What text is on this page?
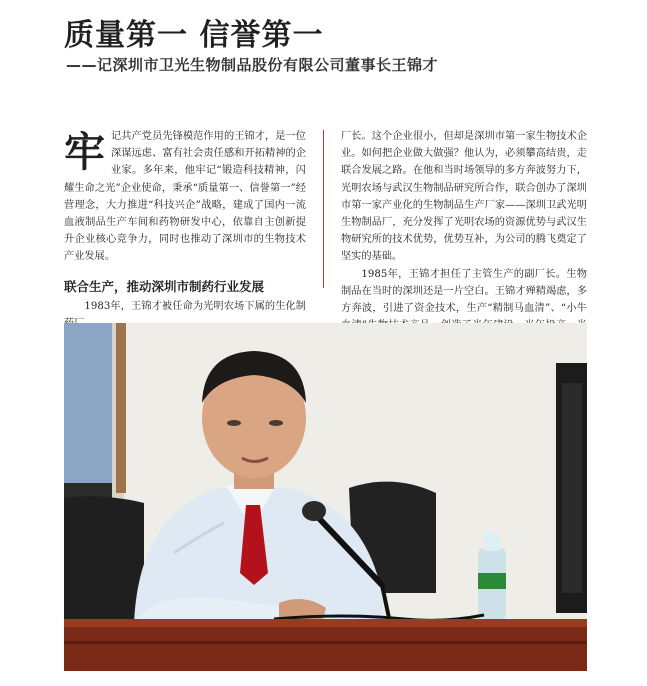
质量第一 信誉第一
——记深圳市卫光生物制品股份有限公司董事长王锦才
牢 记共产党员先锋模范作用的王锦才，是一位深谋远虑、富有社会责任感和开拓精神的企业家。多年来，他牢记“锻造科技精神，闪耀生命之光”企业使命，秉承“质量第一、信誉第一”经营理念，大力推进“科技兴企”战略，建成了国内一流血液制品生产车间和药物研发中心，依靠自主创新提升企业核心竞争力，同时也推动了深圳市的生物技术产业发展。

联合生产，推动深圳市制药行业发展

1983年，王锦才被任命为光明农场下属的生化制

厂长。这个企业很小，但却是深圳市第一家生物技术企业。如何把企业做大做强？他认为，必须攀高结贵，走联合发展之路。在他和当时场领导的多方奔波努力下，光明农场与武汉生物制品研究所合作，联合创办了深圳市第一家产业化的生物制品生产厂家——深圳卫武光明生物制品厂，充分发挥了光明农场的资源优势与武汉生物研究所的技术优势，优势互补，为公司的腾飞奠定了坚实的基础。

1985年，王锦才担任了主管生产的副厂长。生物制品在当时的深圳还是一片空白。王锦才殚精竭虑，多方奔波，引进了资金技术，生产“精制马血清”、“小牛
